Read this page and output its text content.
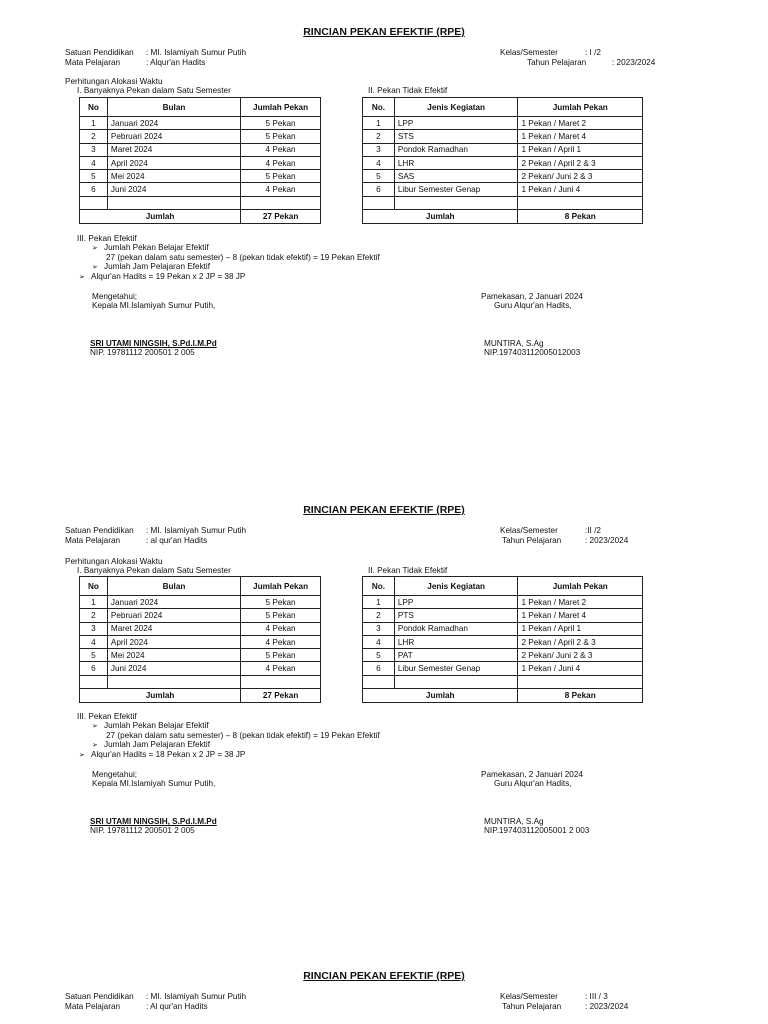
RINCIAN PEKAN EFEKTIF (RPE)
Satuan Pendidikan : MI. Islamiyah Sumur Putih
Mata Pelajaran	: Alqur'an Hadits
Kelas/Semester	: I /2
Tahun Pelajaran	: 2023/2024
Perhitungan Alokasi Waktu
I. Banyaknya Pekan dalam Satu Semester	II. Pekan Tidak Efektif
No	Bulan	Jumlah Pekan
1	Januari 2024	5 Pekan
2	Pebruari 2024	5 Pekan
3	Maret 2024	4 Pekan
4	April 2024	4 Pekan
5	Mei 2024	5 Pekan
6	Juni 2024	4 Pekan

Jumlah		27 Pekan
No.	Jenis Kegiatan	Jumlah Pekan
1	LPP	1 Pekan / Maret 2
2	STS	1 Pekan / Maret 4
3	Pondok Ramadhan	1 Pekan / April 1
4	LHR	2 Pekan / April 2 & 3
5	SAS	2 Pekan/ Juni 2 & 3
6	Libur Semester Genap	1 Pekan / Juni 4

Jumlah		8 Pekan
III. Pekan Efektif
➢ Jumlah Pekan Belajar Efektif
27 (pekan dalam satu semester) – 8 (pekan tidak efektif) = 19 Pekan Efektif
➢ Jumlah Jam Pelajaran Efektif
➢ Alqur'an Hadits = 19 Pekan x 2 JP = 38 JP
Mengetahui;
Kepala MI.Islamiyah Sumur Putih,
Pamekasan, 2 Januari 2024
Guru Alqur'an Hadits,
SRI UTAMI NINGSIH, S.Pd.I.M.Pd
NIP. 19781112 200501 2 005
MUNTIRA, S.Ag
NIP.197403112005012003
RINCIAN PEKAN EFEKTIF (RPE)
Satuan Pendidikan : MI. Islamiyah Sumur Putih
Mata Pelajaran	: al qur'an Hadits
Kelas/Semester	:II /2
Tahun Pelajaran	: 2023/2024
Perhitungan Alokasi Waktu
I. Banyaknya Pekan dalam Satu Semester	II. Pekan Tidak Efektif
No	Bulan	Jumlah Pekan
1	Januari 2024	5 Pekan
2	Pebruari 2024	5 Pekan
3	Maret 2024	4 Pekan
4	April 2024	4 Pekan
5	Mei 2024	5 Pekan
6	Juni 2024	4 Pekan

Jumlah		27 Pekan
No.	Jenis Kegiatan	Jumlah Pekan
1	LPP	1 Pekan / Maret 2
2	PTS	1 Pekan / Maret 4
3	Pondok Ramadhan	1 Pekan / April 1
4	LHR	2 Pekan / April 2 & 3
5	PAT	2 Pekan/ Juni 2 & 3
6	Libur Semester Genap	1 Pekan / Juni 4

Jumlah		8 Pekan
III. Pekan Efektif
➢ Jumlah Pekan Belajar Efektif
27 (pekan dalam satu semester) – 8 (pekan tidak efektif) = 19 Pekan Efektif
➢ Jumlah Jam Pelajaran Efektif
➢ Alqur'an Hadits = 18 Pekan x 2 JP = 38 JP
Mengetahui;
Kepala MI.Islamiyah Sumur Putih,
Pamekasan, 2 Januari 2024
Guru Alqur'an Hadits,
SRI UTAMI NINGSIH, S.Pd.I.M.Pd
NIP. 19781112 200501 2 005
MUNTIRA, S.Ag
NIP.197403112005001 2 003
RINCIAN PEKAN EFEKTIF (RPE)
Satuan Pendidikan : MI. Islamiyah Sumur Putih
Mata Pelajaran	: Al qur'an Hadits
Kelas/Semester	: III / 3
Tahun Pelajaran	: 2023/2024
